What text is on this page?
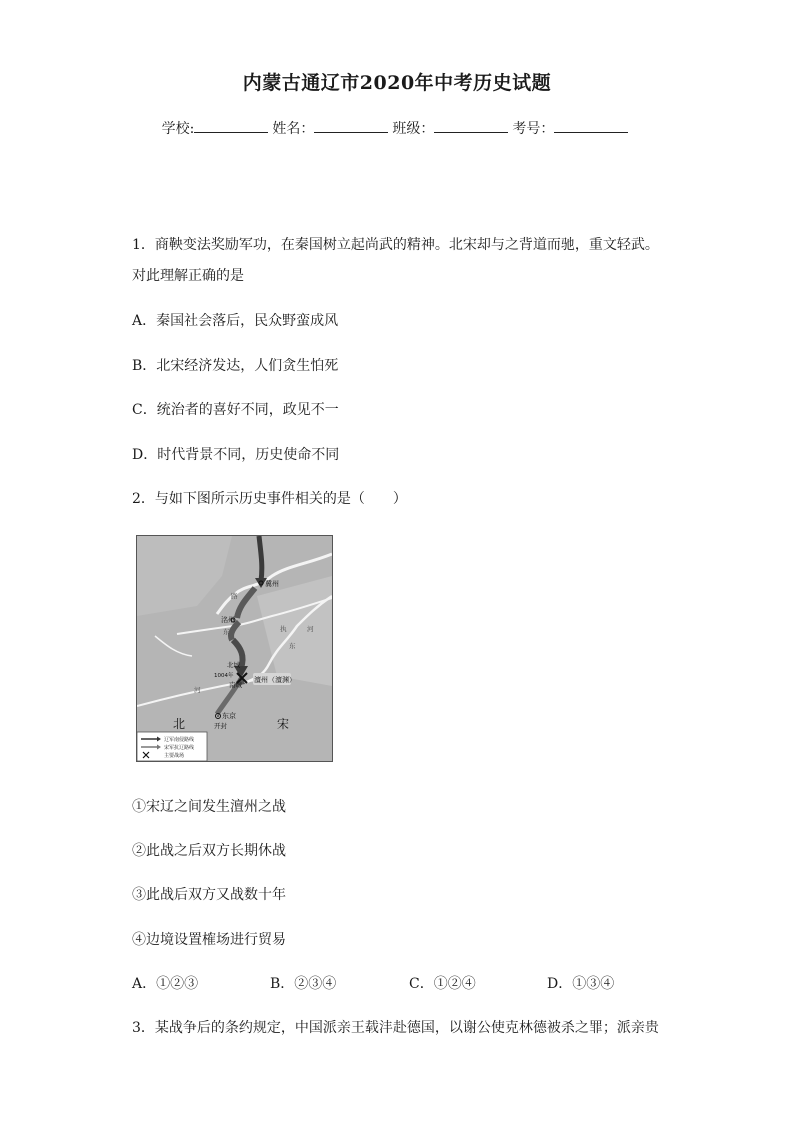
内蒙古通辽市2020年中考历史试题
学校:	姓名：	班级：	考号：
1．商鞅变法奖励军功，在秦国树立起尚武的精神。北宋却与之背道而驰，重文轻武。
对此理解正确的是
A．秦国社会落后，民众野蛮成风
B．北宋经济发达，人们贪生怕死
C．统治者的喜好不同，政见不一
D．时代背景不同，历史使命不同
2．与如下图所示历史事件相关的是（　　）
冀州
洺州
北城
1004年
南城
澶州（澶渊）
东京
开封
路
东
河
执
东
河
北	宋
辽军南侵路线
宋军抗辽路线
主要战场
①宋辽之间发生澶州之战
②此战之后双方长期休战
③此战后双方又战数十年
④边境设置榷场进行贸易
A．①②③	B．②③④	C．①②④	D．①③④
3．某战争后的条约规定，中国派亲王载沣赴德国，以谢公使克林德被杀之罪；派亲贵
